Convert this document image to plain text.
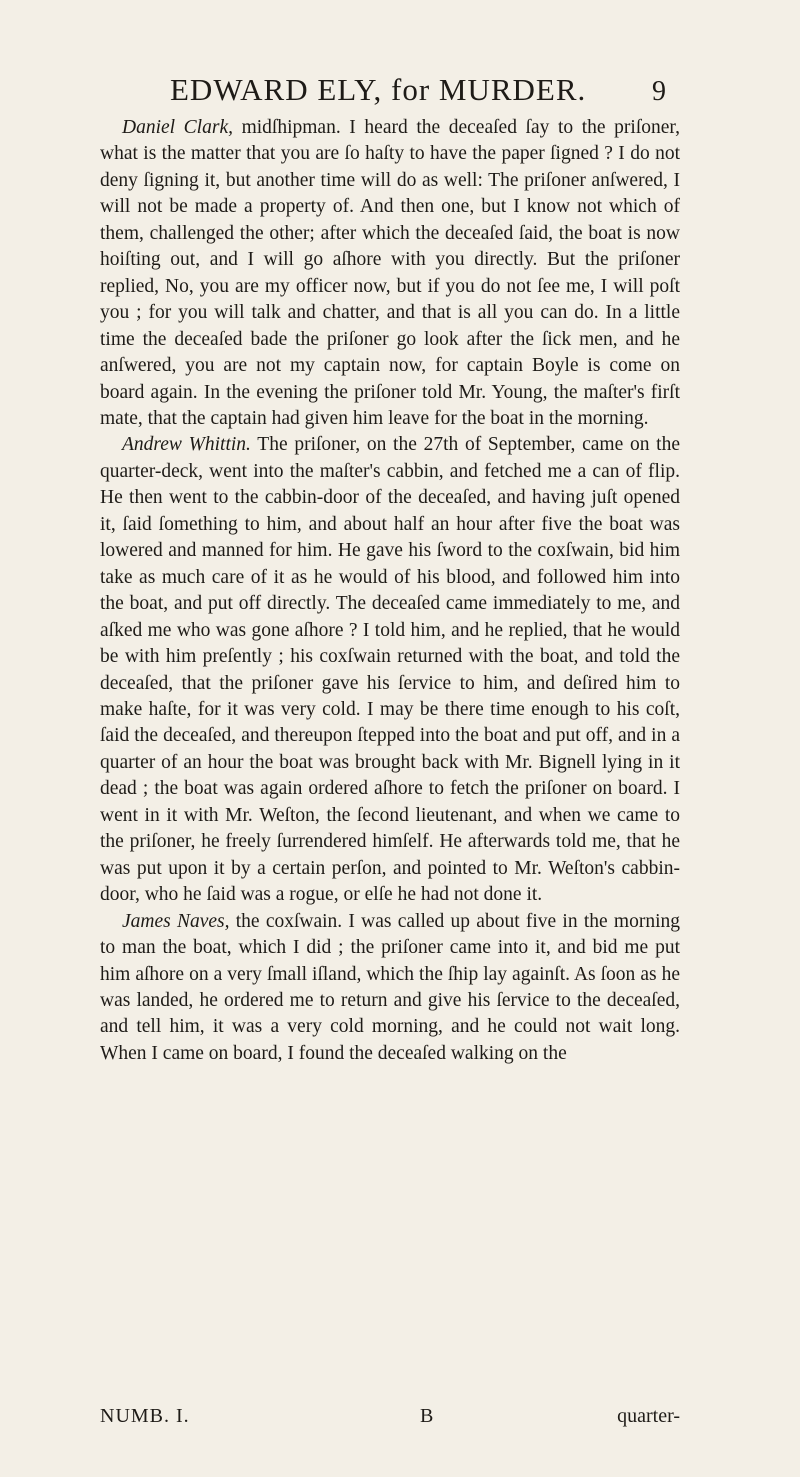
EDWARD ELY, for MURDER.	9

Daniel Clark, midſhipman. I heard the deceaſed ſay to the priſoner, what is the matter that you are ſo haſty to have the paper ſigned ? I do not deny ſigning it, but another time will do as well: The priſoner anſwered, I will not be made a property of. And then one, but I know not which of them, challenged the other; after which the deceaſed ſaid, the boat is now hoiſting out, and I will go aſhore with you directly. But the priſoner replied, No, you are my officer now, but if you do not ſee me, I will poſt you ; for you will talk and chatter, and that is all you can do. In a little time the deceaſed bade the priſoner go look after the ſick men, and he anſwered, you are not my captain now, for captain Boyle is come on board again. In the evening the priſoner told Mr. Young, the maſter's firſt mate, that the captain had given him leave for the boat in the morning.

Andrew Whittin. The priſoner, on the 27th of September, came on the quarter-deck, went into the maſter's cabbin, and fetched me a can of flip. He then went to the cabbin-door of the deceaſed, and having juſt opened it, ſaid ſomething to him, and about half an hour after five the boat was lowered and manned for him. He gave his ſword to the coxſwain, bid him take as much care of it as he would of his blood, and followed him into the boat, and put off directly. The deceaſed came immediately to me, and aſked me who was gone aſhore ? I told him, and he replied, that he would be with him preſently ; his coxſwain returned with the boat, and told the deceaſed, that the priſoner gave his ſervice to him, and deſired him to make haſte, for it was very cold. I may be there time enough to his coſt, ſaid the deceaſed, and thereupon ſtepped into the boat and put off, and in a quarter of an hour the boat was brought back with Mr. Bignell lying in it dead ; the boat was again ordered aſhore to fetch the priſoner on board. I went in it with Mr. Weſton, the ſecond lieutenant, and when we came to the priſoner, he freely ſurrendered himſelf. He afterwards told me, that he was put upon it by a certain perſon, and pointed to Mr. Weſton's cabbin-door, who he ſaid was a rogue, or elſe he had not done it.

James Naves, the coxſwain. I was called up about five in the morning to man the boat, which I did ; the priſoner came into it, and bid me put him aſhore on a very ſmall iſland, which the ſhip lay againſt. As ſoon as he was landed, he ordered me to return and give his ſervice to the deceaſed, and tell him, it was a very cold morning, and he could not wait long. When I came on board, I found the deceaſed walking on the

NUMB. I.	B	quarter-
